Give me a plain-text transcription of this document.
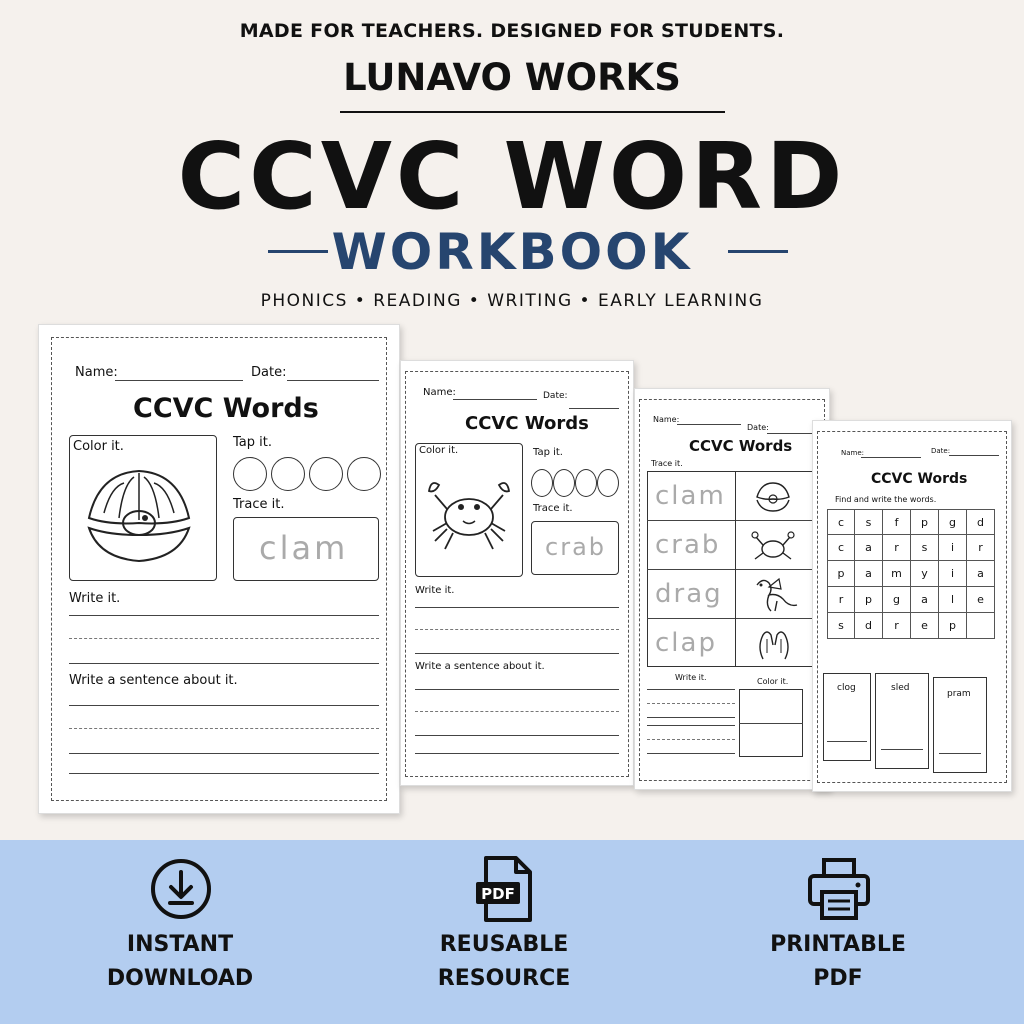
MADE FOR TEACHERS. DESIGNED FOR STUDENTS.
LUNAVO WORKS
CCVC WORD
WORKBOOK
PHONICS • READING • WRITING • EARLY LEARNING
Name:	Date:
CCVC Words
Color it.	Tap it.
Trace it.
clam
Write it.
Write a sentence about it.
Name:	Date:
CCVC Words
Color it.	Tap it.
Trace it.
crab
Write it.
Write a sentence about it.
Name:
Date:
CCVC Words
Trace it.
clam
crab
drag
clap
Write it.	Color it.
Name:	Date:
CCVC Words
Find and write the words.
c	s	f	p	g	d
c	a	r	s	i	r
p	a	m	y	i	a
r	p	g	a	l	e
s	d	r	e	p
clog	sled
pram
INSTANT
DOWNLOAD
PDF
REUSABLE
RESOURCE
PRINTABLE
PDF
